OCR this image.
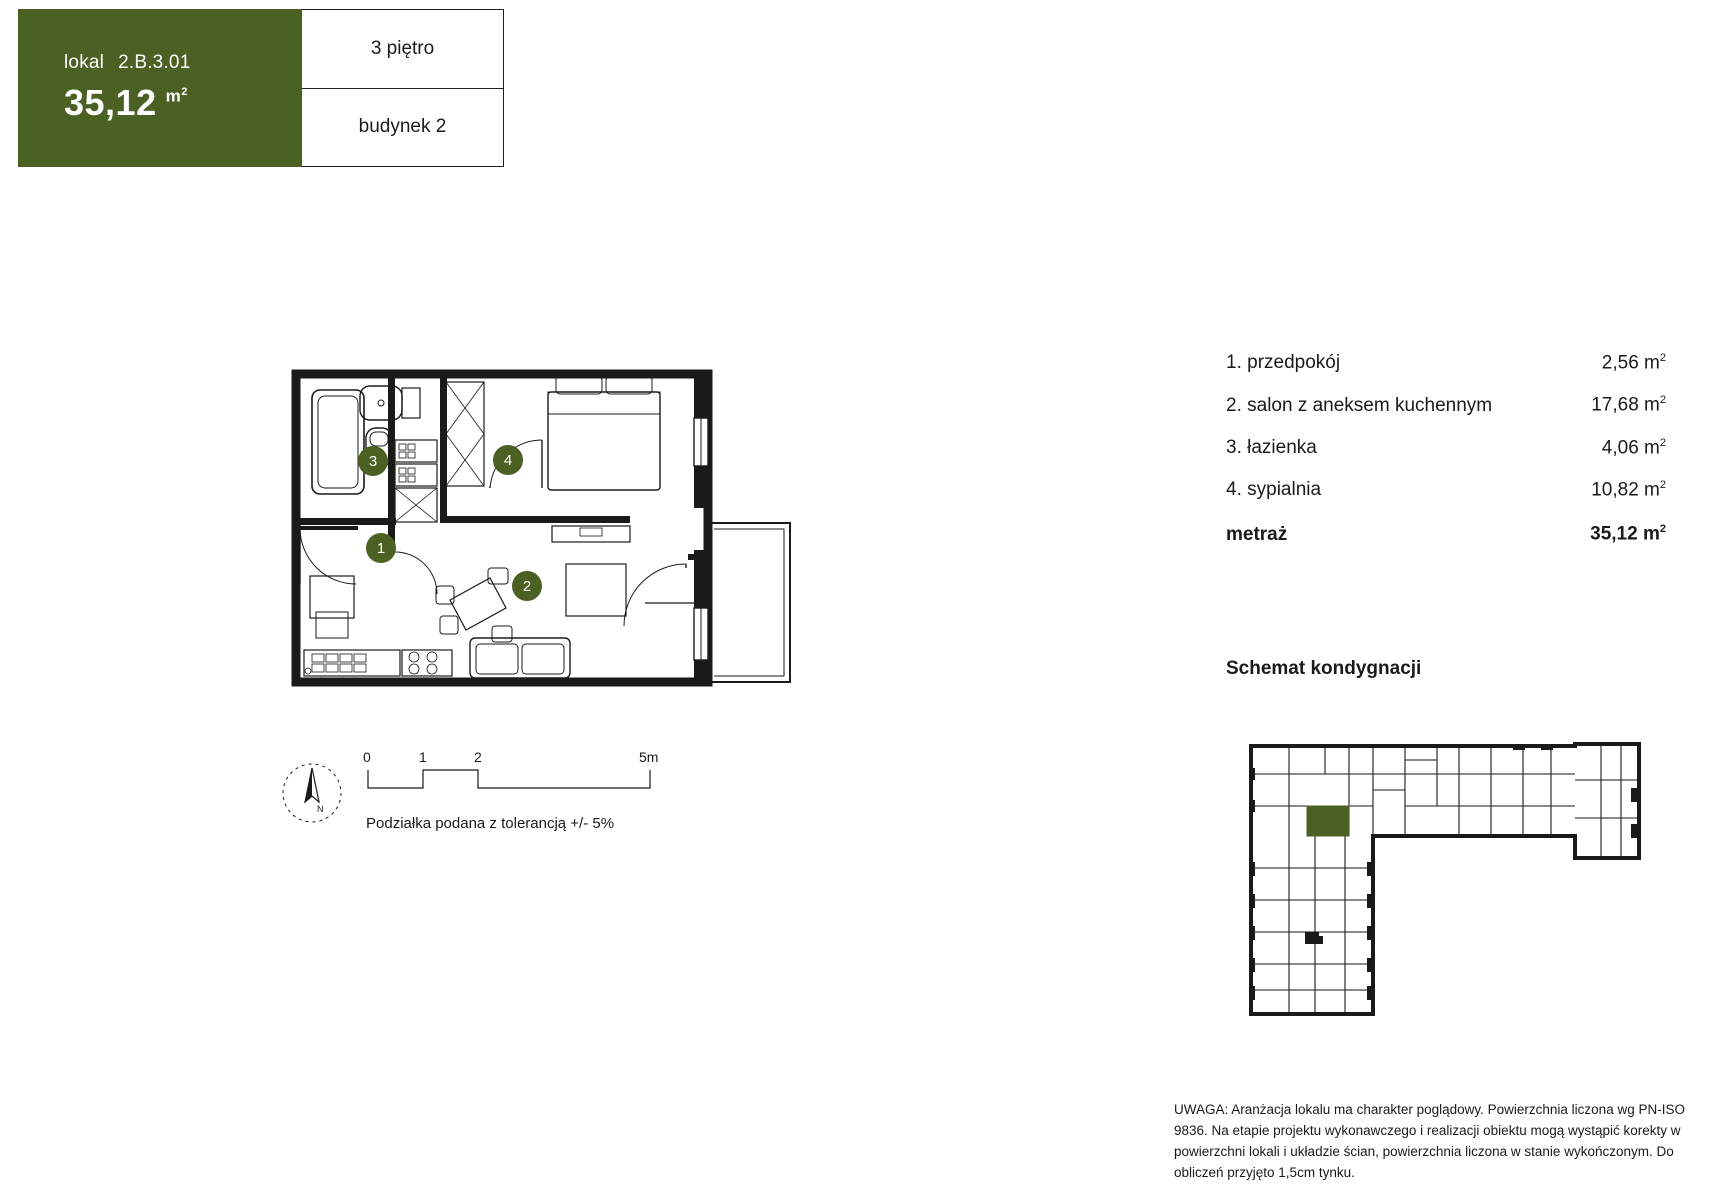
lokal 2.B.3.01
35,12 $m^2$
3 piętro
budynek 2
3	4
1
2
N
0	1	2	5m
Podziałka podana z tolerancją +/- 5%
1. przedpokój	2,56 $m^2$
2. salon z aneksem kuchennym	17,68 $m^2$
3. łazienka	4,06 $m^2$
4. sypialnia	10,82 $m^2$
metraż	35,12 $m^2$
Schemat kondygnacji
UWAGA: Aranżacja lokalu ma charakter poglądowy. Powierzchnia liczona wg PN-ISO 9836. Na etapie projektu wykonawczego i realizacji obiektu mogą wystąpić korekty w powierzchni lokali i układzie ścian, powierzchnia liczona w stanie wykończonym. Do obliczeń przyjęto 1,5cm tynku.
